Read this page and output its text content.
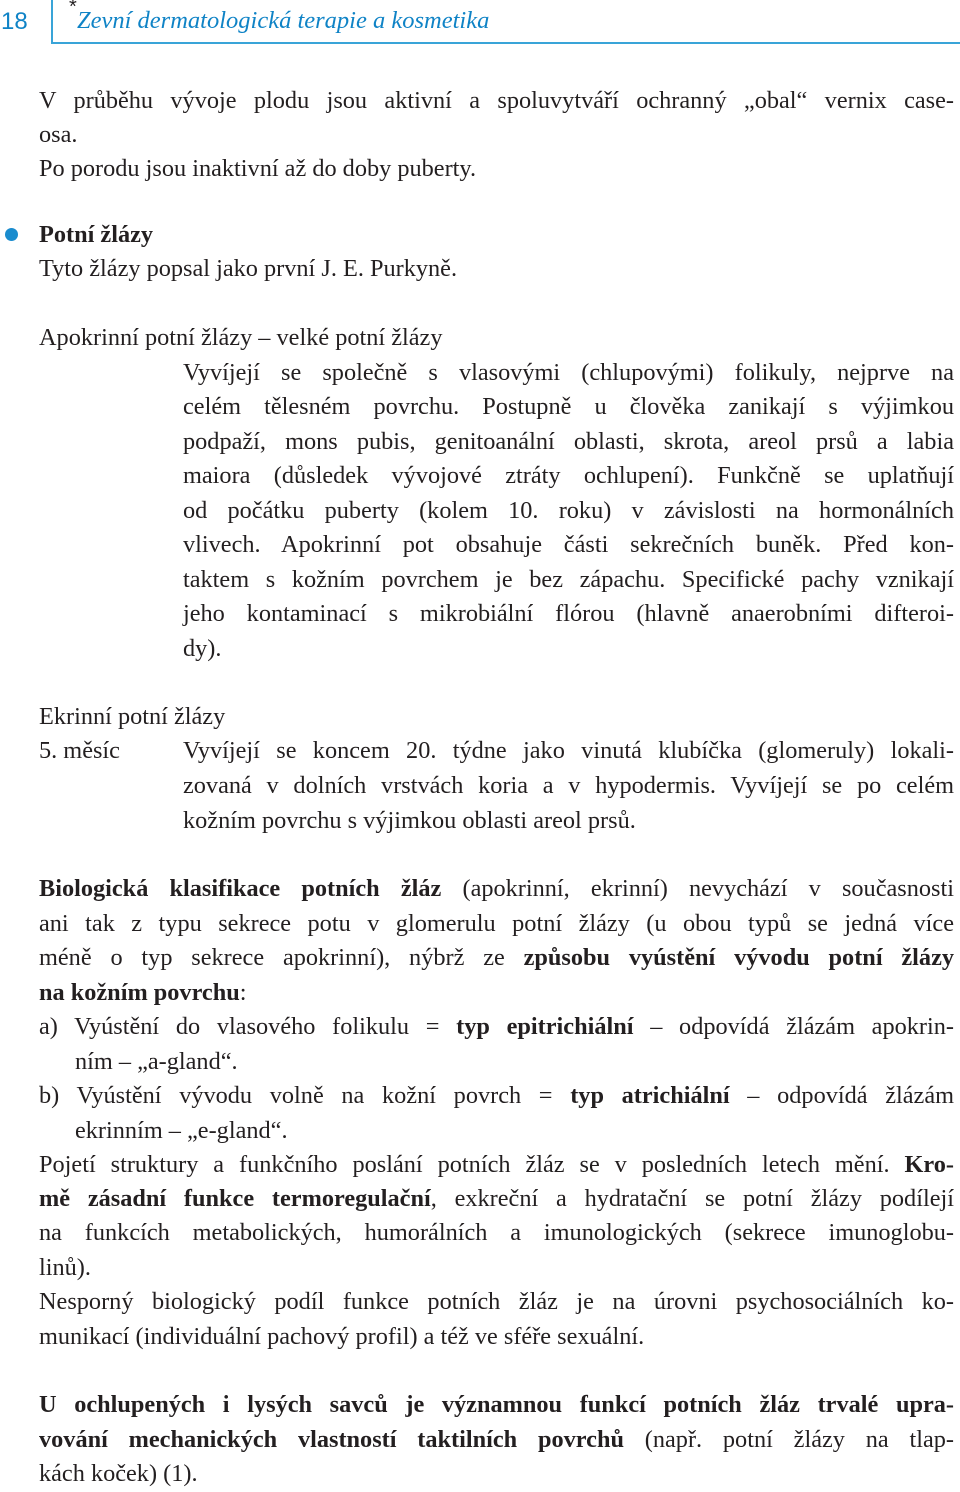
18
* Zevní dermatologická terapie a kosmetika
V průběhu vývoje plodu jsou aktivní a spoluvytváří ochranný „obal“ vernix case-
osa.
Po porodu jsou inaktivní až do doby puberty.
Potní žlázy
Tyto žlázy popsal jako první J. E. Purkyně.
Apokrinní potní žlázy – velké potní žlázy
Vyvíjejí se společně s vlasovými (chlupovými) folikuly, nejprve na
celém tělesném povrchu. Postupně u člověka zanikají s výjimkou
podpaží, mons pubis, genitoanální oblasti, skrota, areol prsů a labia
maiora (důsledek vývojové ztráty ochlupení). Funkčně se uplatňují
od počátku puberty (kolem 10. roku) v závislosti na hormonálních
vlivech. Apokrinní pot obsahuje části sekrečních buněk. Před kon-
taktem s kožním povrchem je bez zápachu. Specifické pachy vznikají
jeho kontaminací s mikrobiální flórou (hlavně anaerobními difteroi-
dy).
Ekrinní potní žlázy
5. měsíc	Vyvíjejí se koncem 20. týdne jako vinutá klubíčka (glomeruly) lokali-
zovaná v dolních vrstvách koria a v hypodermis. Vyvíjejí se po celém
kožním povrchu s výjimkou oblasti areol prsů.
Biologická klasifikace potních žláz (apokrinní, ekrinní) nevychází v současnosti
ani tak z typu sekrece potu v glomerulu potní žlázy (u obou typů se jedná více
méně o typ sekrece apokrinní), nýbrž ze způsobu vyústění vývodu potní žlázy
na kožním povrchu:
a) Vyústění do vlasového folikulu = typ epitrichiální – odpovídá žlázám apokrin-
ním – „a-gland“.
b) Vyústění vývodu volně na kožní povrch = typ atrichiální – odpovídá žlázám
ekrinním – „e-gland“.
Pojetí struktury a funkčního poslání potních žláz se v posledních letech mění. Kro-
mě zásadní funkce termoregulační, exkreční a hydratační se potní žlázy podílejí
na funkcích metabolických, humorálních a imunologických (sekrece imunoglobu-
linů).
Nesporný biologický podíl funkce potních žláz je na úrovni psychosociálních ko-
munikací (individuální pachový profil) a též ve sféře sexuální.
U ochlupených i lysých savců je významnou funkcí potních žláz trvalé upra-
vování mechanických vlastností taktilních povrchů (např. potní žlázy na tlap-
kách koček) (1).
